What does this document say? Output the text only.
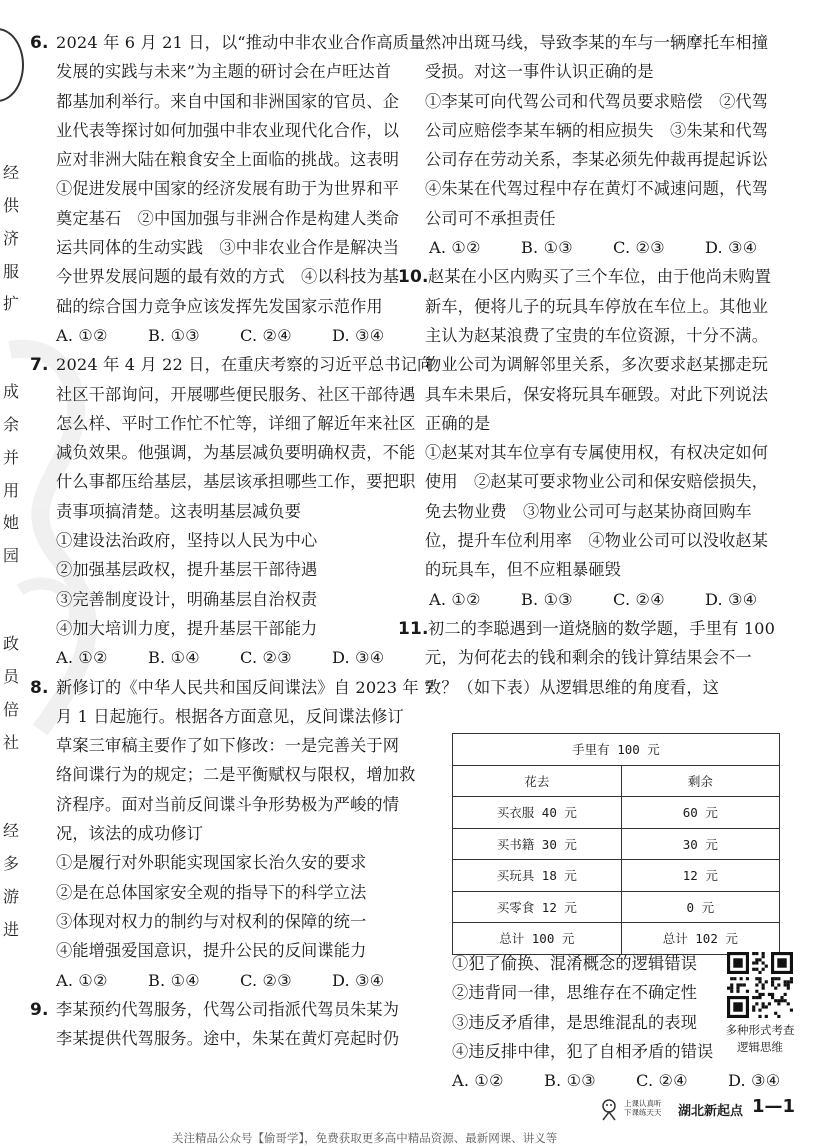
经
供
济
服
扩
成
余
并
用
她
园
政
员
倍
社
经
多
游
进
6. 2024 年 6 月 21 日，以“推动中非农业合作高质量
发展的实践与未来”为主题的研讨会在卢旺达首
都基加利举行。来自中国和非洲国家的官员、企
业代表等探讨如何加强中非农业现代化合作，以
应对非洲大陆在粮食安全上面临的挑战。这表明
①促进发展中国家的经济发展有助于为世界和平
奠定基石　②中国加强与非洲合作是构建人类命
运共同体的生动实践　③中非农业合作是解决当
今世界发展问题的最有效的方式　④以科技为基
础的综合国力竞争应该发挥先发国家示范作用
A. ①② B. ①③ C. ②④ D. ③④
7. 2024 年 4 月 22 日，在重庆考察的习近平总书记向
社区干部询问，开展哪些便民服务、社区干部待遇
怎么样、平时工作忙不忙等，详细了解近年来社区
减负效果。他强调，为基层减负要明确权责，不能
什么事都压给基层，基层该承担哪些工作，要把职
责事项搞清楚。这表明基层减负要
①建设法治政府，坚持以人民为中心
②加强基层政权，提升基层干部待遇
③完善制度设计，明确基层自治权责
④加大培训力度，提升基层干部能力
A. ①② B. ①④ C. ②③ D. ③④
8. 新修订的《中华人民共和国反间谍法》自 2023 年 7
月 1 日起施行。根据各方面意见，反间谍法修订
草案三审稿主要作了如下修改：一是完善关于网
络间谍行为的规定；二是平衡赋权与限权，增加救
济程序。面对当前反间谍斗争形势极为严峻的情
况，该法的成功修订
①是履行对外职能实现国家长治久安的要求
②是在总体国家安全观的指导下的科学立法
③体现对权力的制约与对权利的保障的统一
④能增强爱国意识，提升公民的反间谍能力
A. ①② B. ①④ C. ②③ D. ③④
9. 李某预约代驾服务，代驾公司指派代驾员朱某为
李某提供代驾服务。途中，朱某在黄灯亮起时仍
然冲出斑马线，导致李某的车与一辆摩托车相撞
受损。对这一事件认识正确的是
①李某可向代驾公司和代驾员要求赔偿　②代驾
公司应赔偿李某车辆的相应损失　③朱某和代驾
公司存在劳动关系，李某必须先仲裁再提起诉讼
④朱某在代驾过程中存在黄灯不减速问题，代驾
公司可不承担责任
A. ①② B. ①③ C. ②③ D. ③④
10.赵某在小区内购买了三个车位，由于他尚未购置
新车，便将儿子的玩具车停放在车位上。其他业
主认为赵某浪费了宝贵的车位资源，十分不满。
物业公司为调解邻里关系，多次要求赵某挪走玩
具车未果后，保安将玩具车砸毁。对此下列说法
正确的是
①赵某对其车位享有专属使用权，有权决定如何
使用　②赵某可要求物业公司和保安赔偿损失，
免去物业费　③物业公司可与赵某协商回购车
位，提升车位利用率　④物业公司可以没收赵某
的玩具车，但不应粗暴砸毁
A. ①② B. ①③ C. ②④ D. ③④
11.初二的李聪遇到一道烧脑的数学题，手里有 100
元，为何花去的钱和剩余的钱计算结果会不一
致？（如下表）从逻辑思维的角度看，这
手里有 100 元	
花去	剩余
买衣服 40 元	60 元
买书籍 30 元	30 元
买玩具 18 元	12 元
买零食 12 元	0 元
总计 100 元	总计 102 元
①犯了偷换、混淆概念的逻辑错误
②违背同一律，思维存在不确定性
③违反矛盾律，是思维混乱的表现
④违反排中律，犯了自相矛盾的错误
A. ①② B. ①③ C. ②④ D. ③④
多种形式考查
逻辑思维
上课认真听
下课练天天 湖北新起点 1—1
关注精品公众号【偷哥学】，免费获取更多高中精品资源、最新网课、讲义等
